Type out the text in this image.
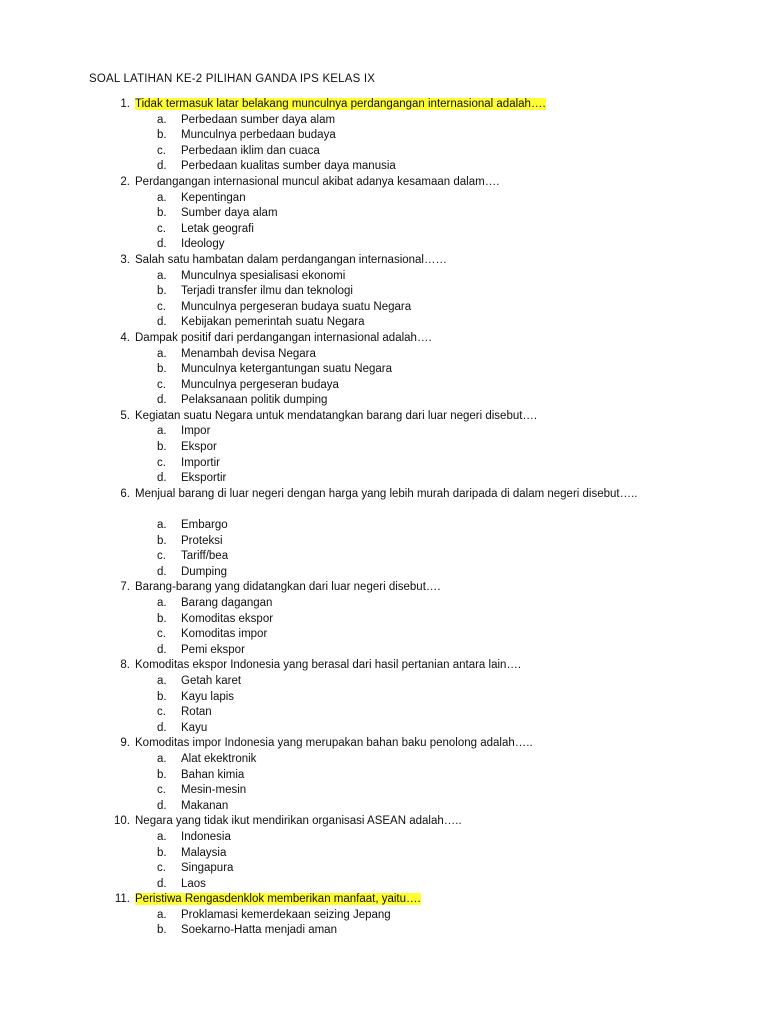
SOAL LATIHAN KE-2 PILIHAN GANDA IPS KELAS IX
1. Tidak termasuk latar belakang munculnya perdangangan internasional adalah….
a.	Perbedaan sumber daya alam
b.	Munculnya perbedaan budaya
c.	Perbedaan iklim dan cuaca
d.	Perbedaan kualitas sumber daya manusia
2. Perdangangan internasional muncul akibat adanya kesamaan dalam….
a.	Kepentingan
b.	Sumber daya alam
c.	Letak geografi
d.	Ideology
3. Salah satu hambatan dalam perdangangan internasional……
a.	Munculnya spesialisasi ekonomi
b.	Terjadi transfer ilmu dan teknologi
c.	Munculnya pergeseran budaya suatu Negara
d.	Kebijakan pemerintah suatu Negara
4. Dampak positif dari perdangangan internasional adalah….
a.	Menambah devisa Negara
b.	Munculnya ketergantungan suatu Negara
c.	Munculnya pergeseran budaya
d.	Pelaksanaan politik dumping
5. Kegiatan suatu Negara untuk mendatangkan barang dari luar negeri disebut….
a.	Impor
b.	Ekspor
c.	Importir
d.	Eksportir
6. Menjual barang di luar negeri dengan harga yang lebih murah daripada di dalam negeri disebut…..
a.	Embargo
b.	Proteksi
c.	Tariff/bea
d.	Dumping
7. Barang-barang yang didatangkan dari luar negeri disebut….
a.	Barang dagangan
b.	Komoditas ekspor
c.	Komoditas impor
d.	Pemi ekspor
8. Komoditas ekspor Indonesia yang berasal dari hasil pertanian antara lain….
a.	Getah karet
b.	Kayu lapis
c.	Rotan
d.	Kayu
9. Komoditas impor Indonesia yang merupakan bahan baku penolong adalah…..
a.	Alat ekektronik
b.	Bahan kimia
c.	Mesin-mesin
d.	Makanan
10. Negara yang tidak ikut mendirikan organisasi ASEAN adalah…..
a.	Indonesia
b.	Malaysia
c.	Singapura
d.	Laos
11. Peristiwa Rengasdenklok memberikan manfaat, yaitu….
a.	Proklamasi kemerdekaan seizing Jepang
b.	Soekarno-Hatta menjadi aman
